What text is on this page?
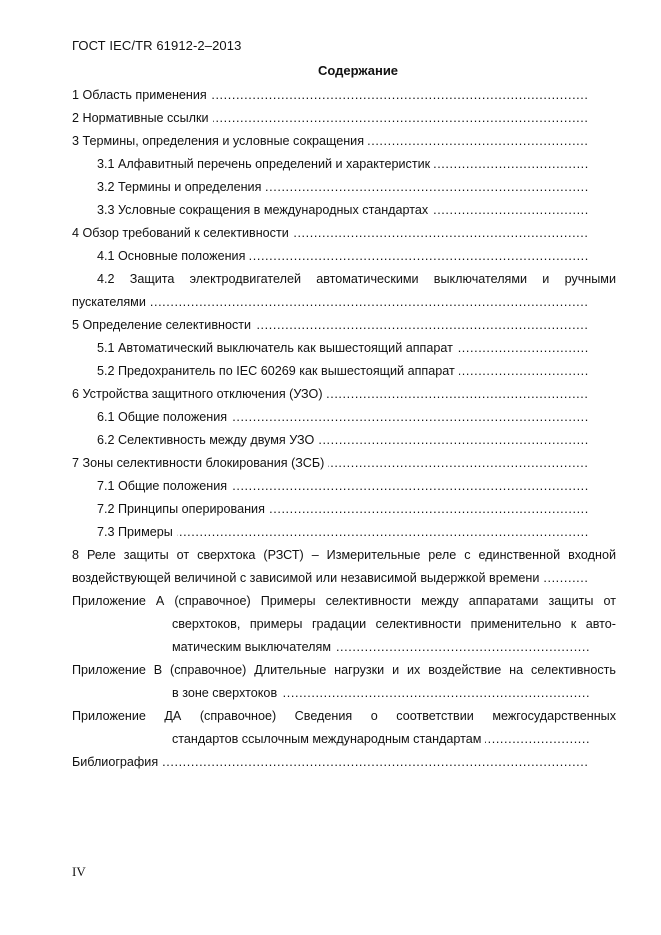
ГОСТ IEC/TR 61912-2–2013
Содержание
1 Область применения .....
2 Нормативные ссылки .....
3 Термины, определения и условные сокращения .....
3.1 Алфавитный перечень определений и характеристик .....
3.2 Термины и определения .....
3.3 Условные сокращения в международных стандартах .....
4 Обзор требований к селективности .....
4.1 Основные положения .....
4.2 Защита электродвигателей автоматическими выключателями и ручными
пускателями .....
5 Определение селективности .....
5.1 Автоматический выключатель как вышестоящий аппарат .....
5.2 Предохранитель по IEC 60269 как вышестоящий аппарат .....
6 Устройства защитного отключения (УЗО) .....
6.1 Общие положения .....
6.2 Селективность между двумя УЗО .....
7 Зоны селективности блокирования (ЗСБ) .....
7.1 Общие положения .....
7.2 Принципы оперирования .....
7.3 Примеры .....
8 Реле защиты от сверхтока (РЗСТ) – Измерительные реле с единственной входной
воздействующей величиной с зависимой или независимой выдержкой времени .....
Приложение А (справочное) Примеры селективности между аппаратами защиты от
сверхтоков, примеры градации селективности применительно к авто-
матическим выключателям .....
Приложение В (справочное) Длительные нагрузки и их воздействие на селективность
в зоне сверхтоков .....
Приложение ДА (справочное) Сведения о соответствии межгосударственных
стандартов ссылочным международным стандартам .....
Библиография .....
IV
